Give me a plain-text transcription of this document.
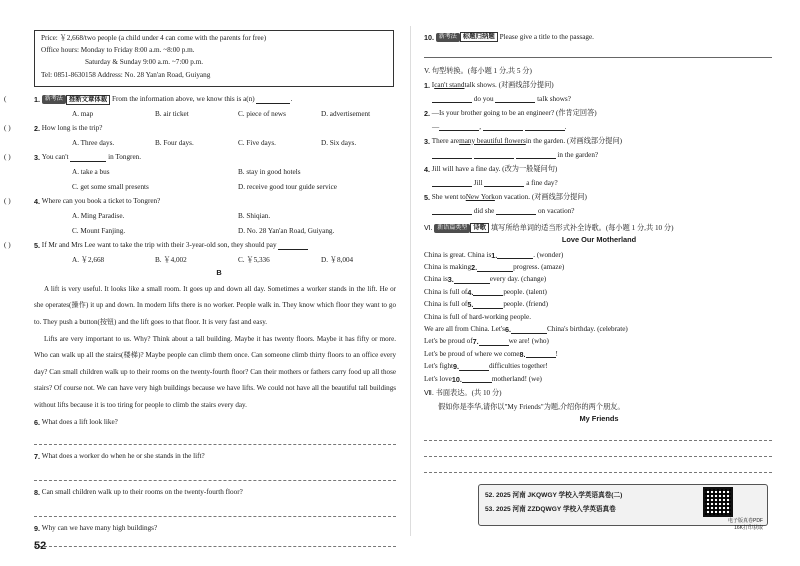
Price: ￥2,668/two people (a child under 4 can come with the parents for free)
Office hours: Monday to Friday 8:00 a.m. ~8:00 p.m.
Saturday & Sunday 9:00 a.m. ~7:00 p.m.
Tel: 0851-8630158 Address: No. 28 Yan'an Road, Guiyang
(	1.
新考法 推断文章体裁
From the information above, we know this is a(n)
	.
A. map	B. air ticket	C. piece of news	D. advertisement
( )	2.
How long is the trip?
A. Three days.	B. Four days.	C. Five days.	D. Six days.
( )	3.
You can't

	in Tongren.
A. take a bus	B. stay in good hotels
C. get some small presents	D. receive good tour guide service
( )	4.
Where can you book a ticket to Tongren?
A. Ming Paradise.	B. Shiqian.
C. Mount Fanjing.	D. No. 28 Yan'an Road, Guiyang.
( )	5.
If Mr and Mrs Lee want to take the trip with their 3-year-old son, they should pay

A. ￥2,668	B. ￥4,002	C. ￥5,336	D. ￥8,004
B

A lift is very useful. It looks like a small room. It goes up and down all day. Sometimes a worker stands in the lift. He or she operates(操作) it up and down. In modern lifts there is no worker. People walk in. They know which floor they want to go to. They push a button(按钮) and the lift goes to that floor. It is very fast and easy.

Lifts are very important to us. Why? Think about a tall building. Maybe it has twenty floors. Maybe it has fifty or more. Who can walk up all the stairs(楼梯)? Maybe people can climb them once. Can someone climb thirty floors to an office every day? Can small children walk up to their rooms on the twenty-fourth floor? Can their mothers or fathers carry food up all those stairs? Of course not. We can have very high buildings because we have lifts. We could not have all the beautiful tall buildings without lifts because it is too tiring for people to climb the stairs every day.

6.
What does a lift look like?
7.
What does a worker do when he or she stands in the lift?
8.
Can small children walk up to their rooms on the twenty-fourth floor?
9.
Why can we have many high buildings?
52
10.
新考法 标题归纳题
Please give a title to the passage.
V. 句型转换。(每小题 1 分,共 5 分)
1.
I can't stand talk shows. (对画线部分提问)

do you

	talk shows?
2.
—Is your brother going to be an engineer? (作肯定回答)
—	,

	.
3.
There are many beautiful flowers in the garden. (对画线部分提问)

in the garden?
4.
Jill will have a fine day. (改为一般疑问句)

Jill

	a fine day?
5.
She went to New York on vacation. (对画线部分提问)

did she

	on vacation?
Ⅵ.
新语篇类型 诗歌
填写所给单词的适当形式补全诗歌。(每小题 1 分,共 10 分)
Love Our Motherland
China is great. China is 1.	. (wonder)
China is making 2.	progress. (amaze)
China is 3.	every day. (change)
China is full of 4.	people. (talent)
China is full of 5.	people. (friend)
China is full of hard-working people.
We are all from China. Let's 6.	China's birthday. (celebrate)
Let's be proud of 7.	we are! (who)
Let's be proud of where we come 8.	!
Let's fight 9.	difficulties together!
Let's love 10.	motherland! (we)
Ⅶ. 书面表达。(共 10 分)
假如你是李华,请你以"My Friends"为题,介绍你的两个朋友。
My Friends
52.
2025 河南 JKQWGY 学校入学英语真卷(二)
53.
2025 河南 ZZDQWGY 学校入学英语真卷
电子版真卷PDF
16K打印获取
